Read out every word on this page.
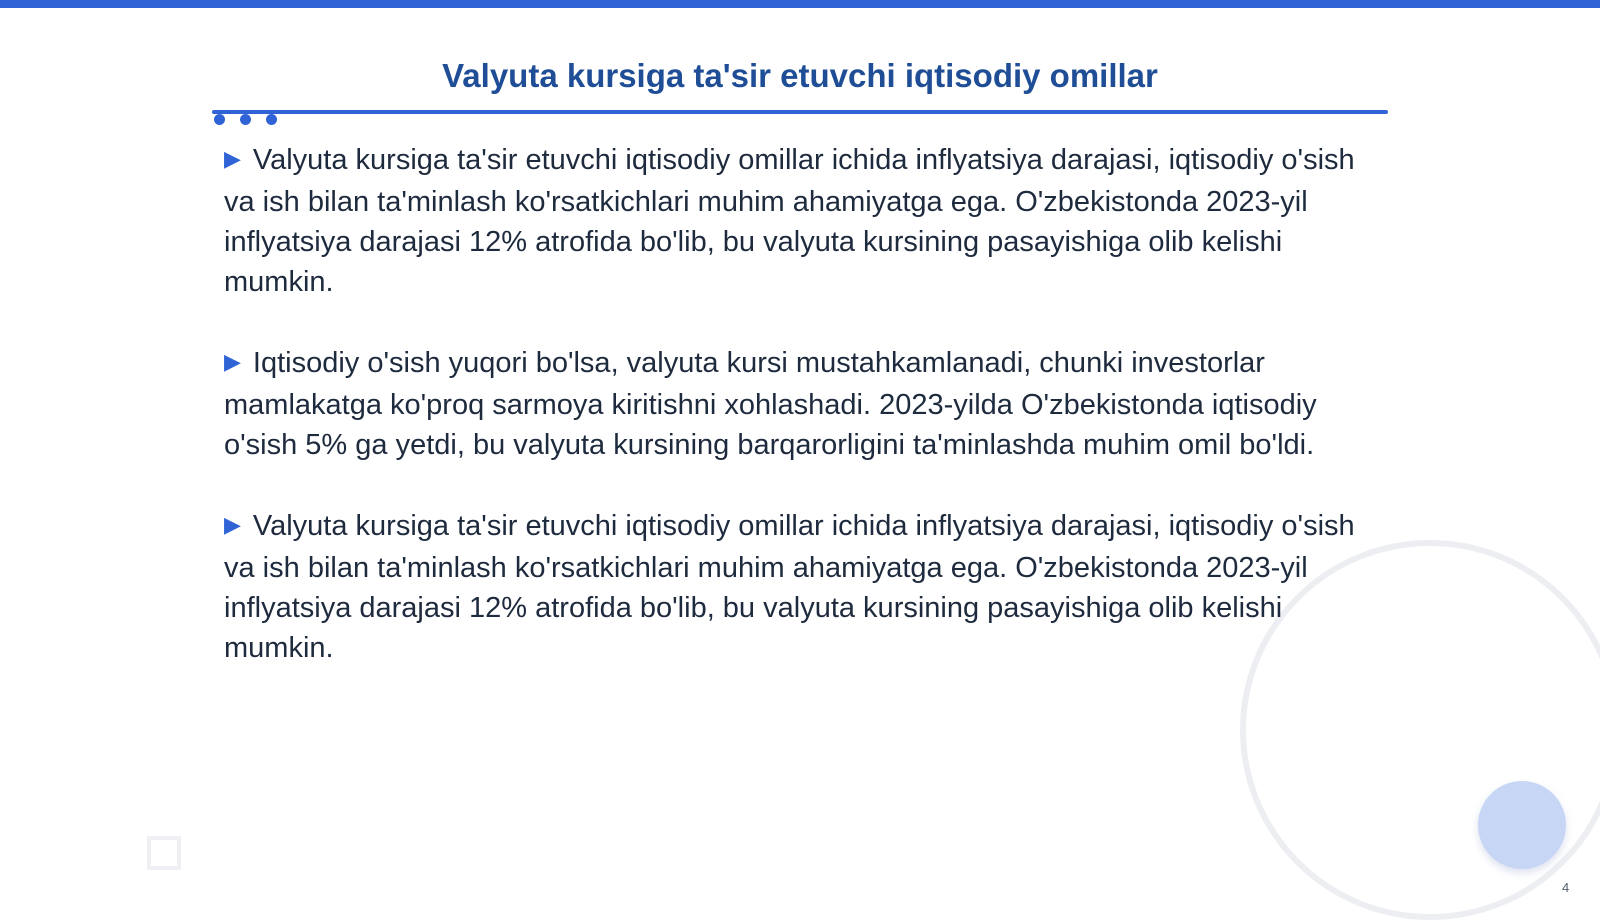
Valyuta kursiga ta'sir etuvchi iqtisodiy omillar

▶ Valyuta kursiga ta'sir etuvchi iqtisodiy omillar ichida inflyatsiya darajasi, iqtisodiy o'sish va ish bilan ta'minlash ko'rsatkichlari muhim ahamiyatga ega. O'zbekistonda 2023-yil inflyatsiya darajasi 12% atrofida bo'lib, bu valyuta kursining pasayishiga olib kelishi mumkin.

▶ Iqtisodiy o'sish yuqori bo'lsa, valyuta kursi mustahkamlanadi, chunki investorlar mamlakatga ko'proq sarmoya kiritishni xohlashadi. 2023-yilda O'zbekistonda iqtisodiy o'sish 5% ga yetdi, bu valyuta kursining barqarorligini ta'minlashda muhim omil bo'ldi.

▶ Valyuta kursiga ta'sir etuvchi iqtisodiy omillar ichida inflyatsiya darajasi, iqtisodiy o'sish va ish bilan ta'minlash ko'rsatkichlari muhim ahamiyatga ega. O'zbekistonda 2023-yil inflyatsiya darajasi 12% atrofida bo'lib, bu valyuta kursining pasayishiga olib kelishi mumkin.

4
